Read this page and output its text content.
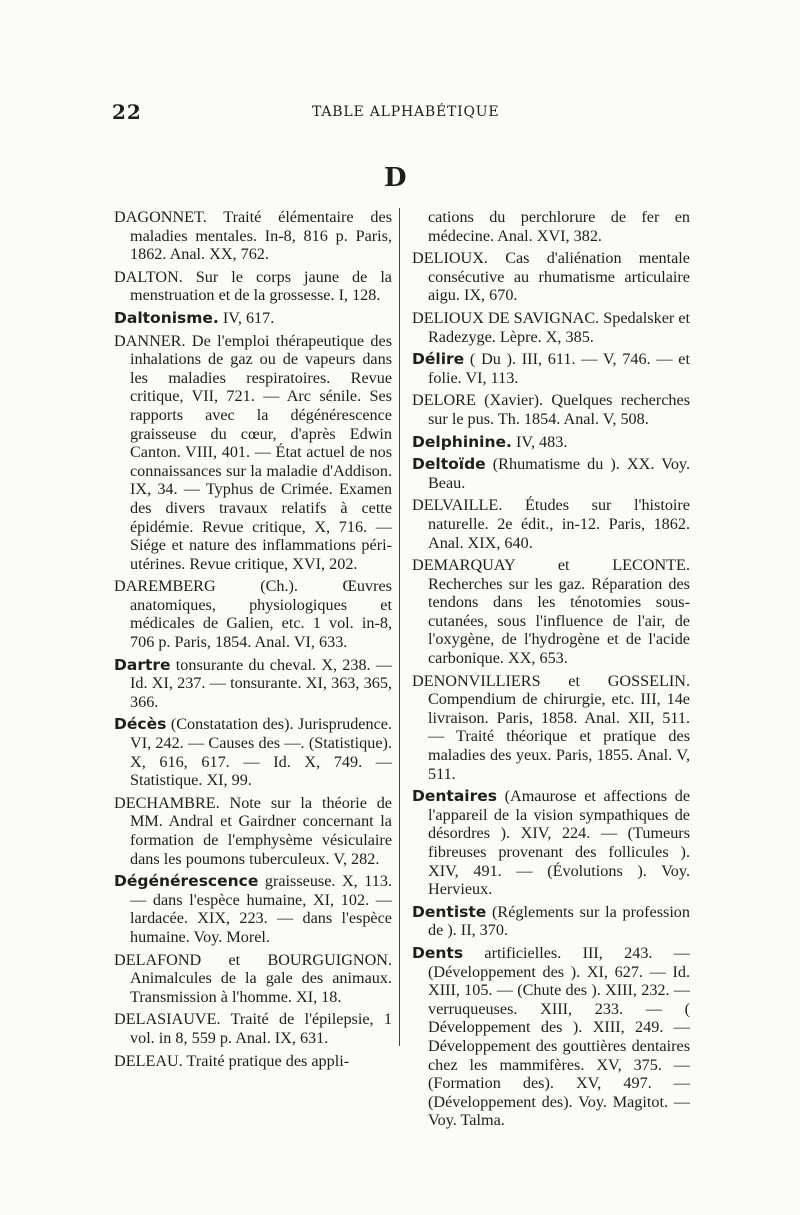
22	TABLE ALPHABÉTIQUE
D

DAGONNET. Traité élémentaire des maladies mentales. In-8, 816 p. Paris, 1862. Anal. XX, 762.

DALTON. Sur le corps jaune de la menstruation et de la grossesse. I, 128.

Daltonisme. IV, 617.

DANNER. De l'emploi thérapeutique des inhalations de gaz ou de vapeurs dans les maladies respiratoires. Revue critique, VII, 721. — Arc sénile. Ses rapports avec la dégénérescence graisseuse du cœur, d'après Edwin Canton. VIII, 401. — État actuel de nos connaissances sur la maladie d'Addison. IX, 34. — Typhus de Crimée. Examen des divers travaux relatifs à cette épidémie. Revue critique, X, 716. — Siége et nature des inflammations péri-utérines. Revue critique, XVI, 202.

DAREMBERG (Ch.). Œuvres anatomiques, physiologiques et médicales de Galien, etc. 1 vol. in-8, 706 p. Paris, 1854. Anal. VI, 633.

Dartre tonsurante du cheval. X, 238. — Id. XI, 237. — tonsurante. XI, 363, 365, 366.

Décès (Constatation des). Jurisprudence. VI, 242. — Causes des —. (Statistique). X, 616, 617. — Id. X, 749. — Statistique. XI, 99.

DECHAMBRE. Note sur la théorie de MM. Andral et Gairdner concernant la formation de l'emphysème vésiculaire dans les poumons tuberculeux. V, 282.

Dégénérescence graisseuse. X, 113. — dans l'espèce humaine, XI, 102. — lardacée. XIX, 223. — dans l'espèce humaine. Voy. Morel.

DELAFOND et BOURGUIGNON. Animalcules de la gale des animaux. Transmission à l'homme. XI, 18.

DELASIAUVE. Traité de l'épilepsie, 1 vol. in 8, 559 p. Anal. IX, 631.

DELEAU. Traité pratique des appli-

cations du perchlorure de fer en médecine. Anal. XVI, 382.

DELIOUX. Cas d'aliénation mentale consécutive au rhumatisme articulaire aigu. IX, 670.

DELIOUX DE SAVIGNAC. Spedalsker et Radezyge. Lèpre. X, 385.

Délire ( Du ). III, 611. — V, 746. — et folie. VI, 113.

DELORE (Xavier). Quelques recherches sur le pus. Th. 1854. Anal. V, 508.

Delphinine. IV, 483.

Deltoïde (Rhumatisme du ). XX. Voy. Beau.

DELVAILLE. Études sur l'histoire naturelle. 2e édit., in-12. Paris, 1862. Anal. XIX, 640.

DEMARQUAY et LECONTE. Recherches sur les gaz. Réparation des tendons dans les ténotomies sous-cutanées, sous l'influence de l'air, de l'oxygène, de l'hydrogène et de l'acide carbonique. XX, 653.

DENONVILLIERS et GOSSELIN. Compendium de chirurgie, etc. III, 14e livraison. Paris, 1858. Anal. XII, 511. — Traité théorique et pratique des maladies des yeux. Paris, 1855. Anal. V, 511.

Dentaires (Amaurose et affections de l'appareil de la vision sympathiques de désordres ). XIV, 224. — (Tumeurs fibreuses provenant des follicules ). XIV, 491. — (Évolutions ). Voy. Hervieux.

Dentiste (Réglements sur la profession de ). II, 370.

Dents artificielles. III, 243. — (Développement des ). XI, 627. — Id. XIII, 105. — (Chute des ). XIII, 232. — verruqueuses. XIII, 233. — ( Développement des ). XIII, 249. — Développement des gouttières dentaires chez les mammifères. XV, 375. — (Formation des). XV, 497. — (Développement des). Voy. Magitot. — Voy. Talma.
